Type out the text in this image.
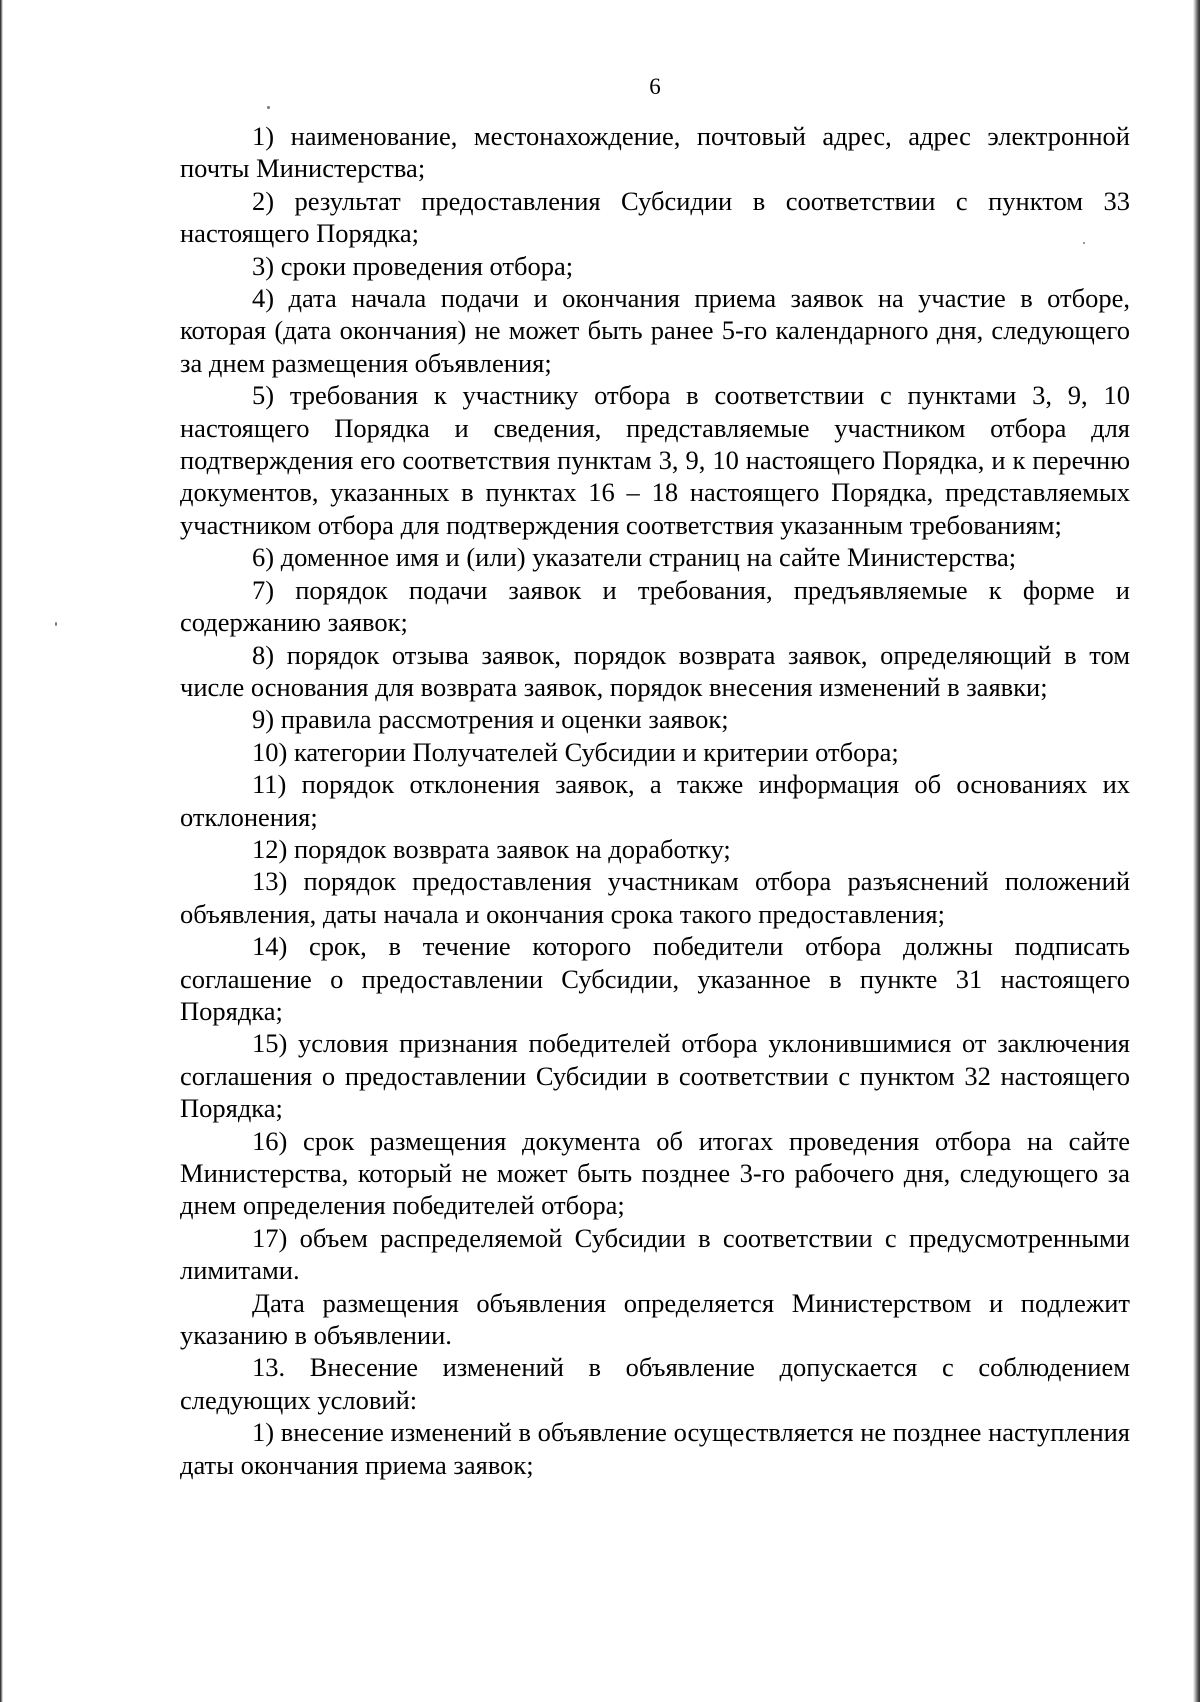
6

1) наименование, местонахождение, почтовый адрес, адрес электронной почты Министерства;

2) результат предоставления Субсидии в соответствии с пунктом 33 настоящего Порядка;

3) сроки проведения отбора;

4) дата начала подачи и окончания приема заявок на участие в отборе, которая (дата окончания) не может быть ранее 5-го календарного дня, следующего за днем размещения объявления;

5) требования к участнику отбора в соответствии с пунктами 3, 9, 10 настоящего Порядка и сведения, представляемые участником отбора для подтверждения его соответствия пунктам 3, 9, 10 настоящего Порядка, и к перечню документов, указанных в пунктах 16 – 18 настоящего Порядка, представляемых участником отбора для подтверждения соответствия указанным требованиям;

6) доменное имя и (или) указатели страниц на сайте Министерства;

7) порядок подачи заявок и требования, предъявляемые к форме и содержанию заявок;

8) порядок отзыва заявок, порядок возврата заявок, определяющий в том числе основания для возврата заявок, порядок внесения изменений в заявки;

9) правила рассмотрения и оценки заявок;

10) категории Получателей Субсидии и критерии отбора;

11) порядок отклонения заявок, а также информация об основаниях их отклонения;

12) порядок возврата заявок на доработку;

13) порядок предоставления участникам отбора разъяснений положений объявления, даты начала и окончания срока такого предоставления;

14) срок, в течение которого победители отбора должны подписать соглашение о предоставлении Субсидии, указанное в пункте 31 настоящего Порядка;

15) условия признания победителей отбора уклонившимися от заключения соглашения о предоставлении Субсидии в соответствии с пунктом 32 настоящего Порядка;

16) срок размещения документа об итогах проведения отбора на сайте Министерства, который не может быть позднее 3-го рабочего дня, следующего за днем определения победителей отбора;

17) объем распределяемой Субсидии в соответствии с предусмотренными лимитами.

Дата размещения объявления определяется Министерством и подлежит указанию в объявлении.

13. Внесение изменений в объявление допускается с соблюдением следующих условий:

1) внесение изменений в объявление осуществляется не позднее наступления даты окончания приема заявок;
